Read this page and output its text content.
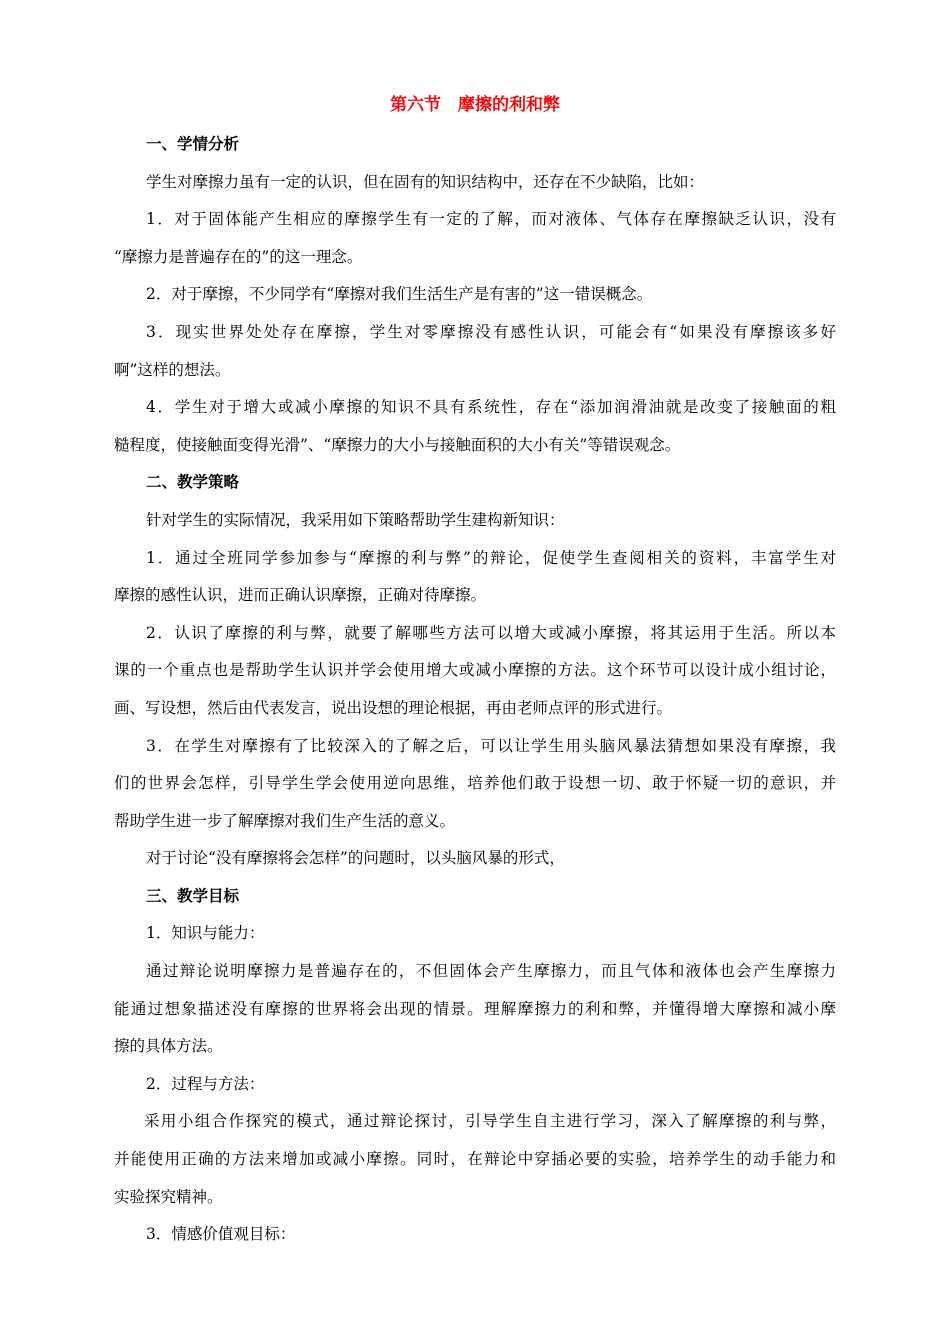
第六节　摩擦的利和弊
一、学情分析
学生对摩擦力虽有一定的认识，但在固有的知识结构中，还存在不少缺陷，比如：
1．对于固体能产生相应的摩擦学生有一定的了解，而对液体、气体存在摩擦缺乏认识，没有
“摩擦力是普遍存在的”的这一理念。
2．对于摩擦，不少同学有“摩擦对我们生活生产是有害的”这一错误概念。
3．现实世界处处存在摩擦，学生对零摩擦没有感性认识，可能会有“如果没有摩擦该多好
啊”这样的想法。
4．学生对于增大或减小摩擦的知识不具有系统性，存在“添加润滑油就是改变了接触面的粗
糙程度，使接触面变得光滑”、“摩擦力的大小与接触面积的大小有关”等错误观念。
二、教学策略
针对学生的实际情况，我采用如下策略帮助学生建构新知识：
1．通过全班同学参加参与“摩擦的利与弊”的辩论，促使学生查阅相关的资料，丰富学生对
摩擦的感性认识，进而正确认识摩擦，正确对待摩擦。
2．认识了摩擦的利与弊，就要了解哪些方法可以增大或减小摩擦，将其运用于生活。所以本
课的一个重点也是帮助学生认识并学会使用增大或减小摩擦的方法。这个环节可以设计成小组讨论，
画、写设想，然后由代表发言，说出设想的理论根据，再由老师点评的形式进行。
3．在学生对摩擦有了比较深入的了解之后，可以让学生用头脑风暴法猜想如果没有摩擦，我
们的世界会怎样，引导学生学会使用逆向思维，培养他们敢于设想一切、敢于怀疑一切的意识，并
帮助学生进一步了解摩擦对我们生产生活的意义。
对于讨论“没有摩擦将会怎样”的问题时，以头脑风暴的形式，
三、教学目标
1．知识与能力：
通过辩论说明摩擦力是普遍存在的，不但固体会产生摩擦力，而且气体和液体也会产生摩擦力
能通过想象描述没有摩擦的世界将会出现的情景。理解摩擦力的利和弊，并懂得增大摩擦和减小摩
擦的具体方法。
2．过程与方法：
采用小组合作探究的模式，通过辩论探讨，引导学生自主进行学习，深入了解摩擦的利与弊，
并能使用正确的方法来增加或减小摩擦。同时，在辩论中穿插必要的实验，培养学生的动手能力和
实验探究精神。
3．情感价值观目标：
